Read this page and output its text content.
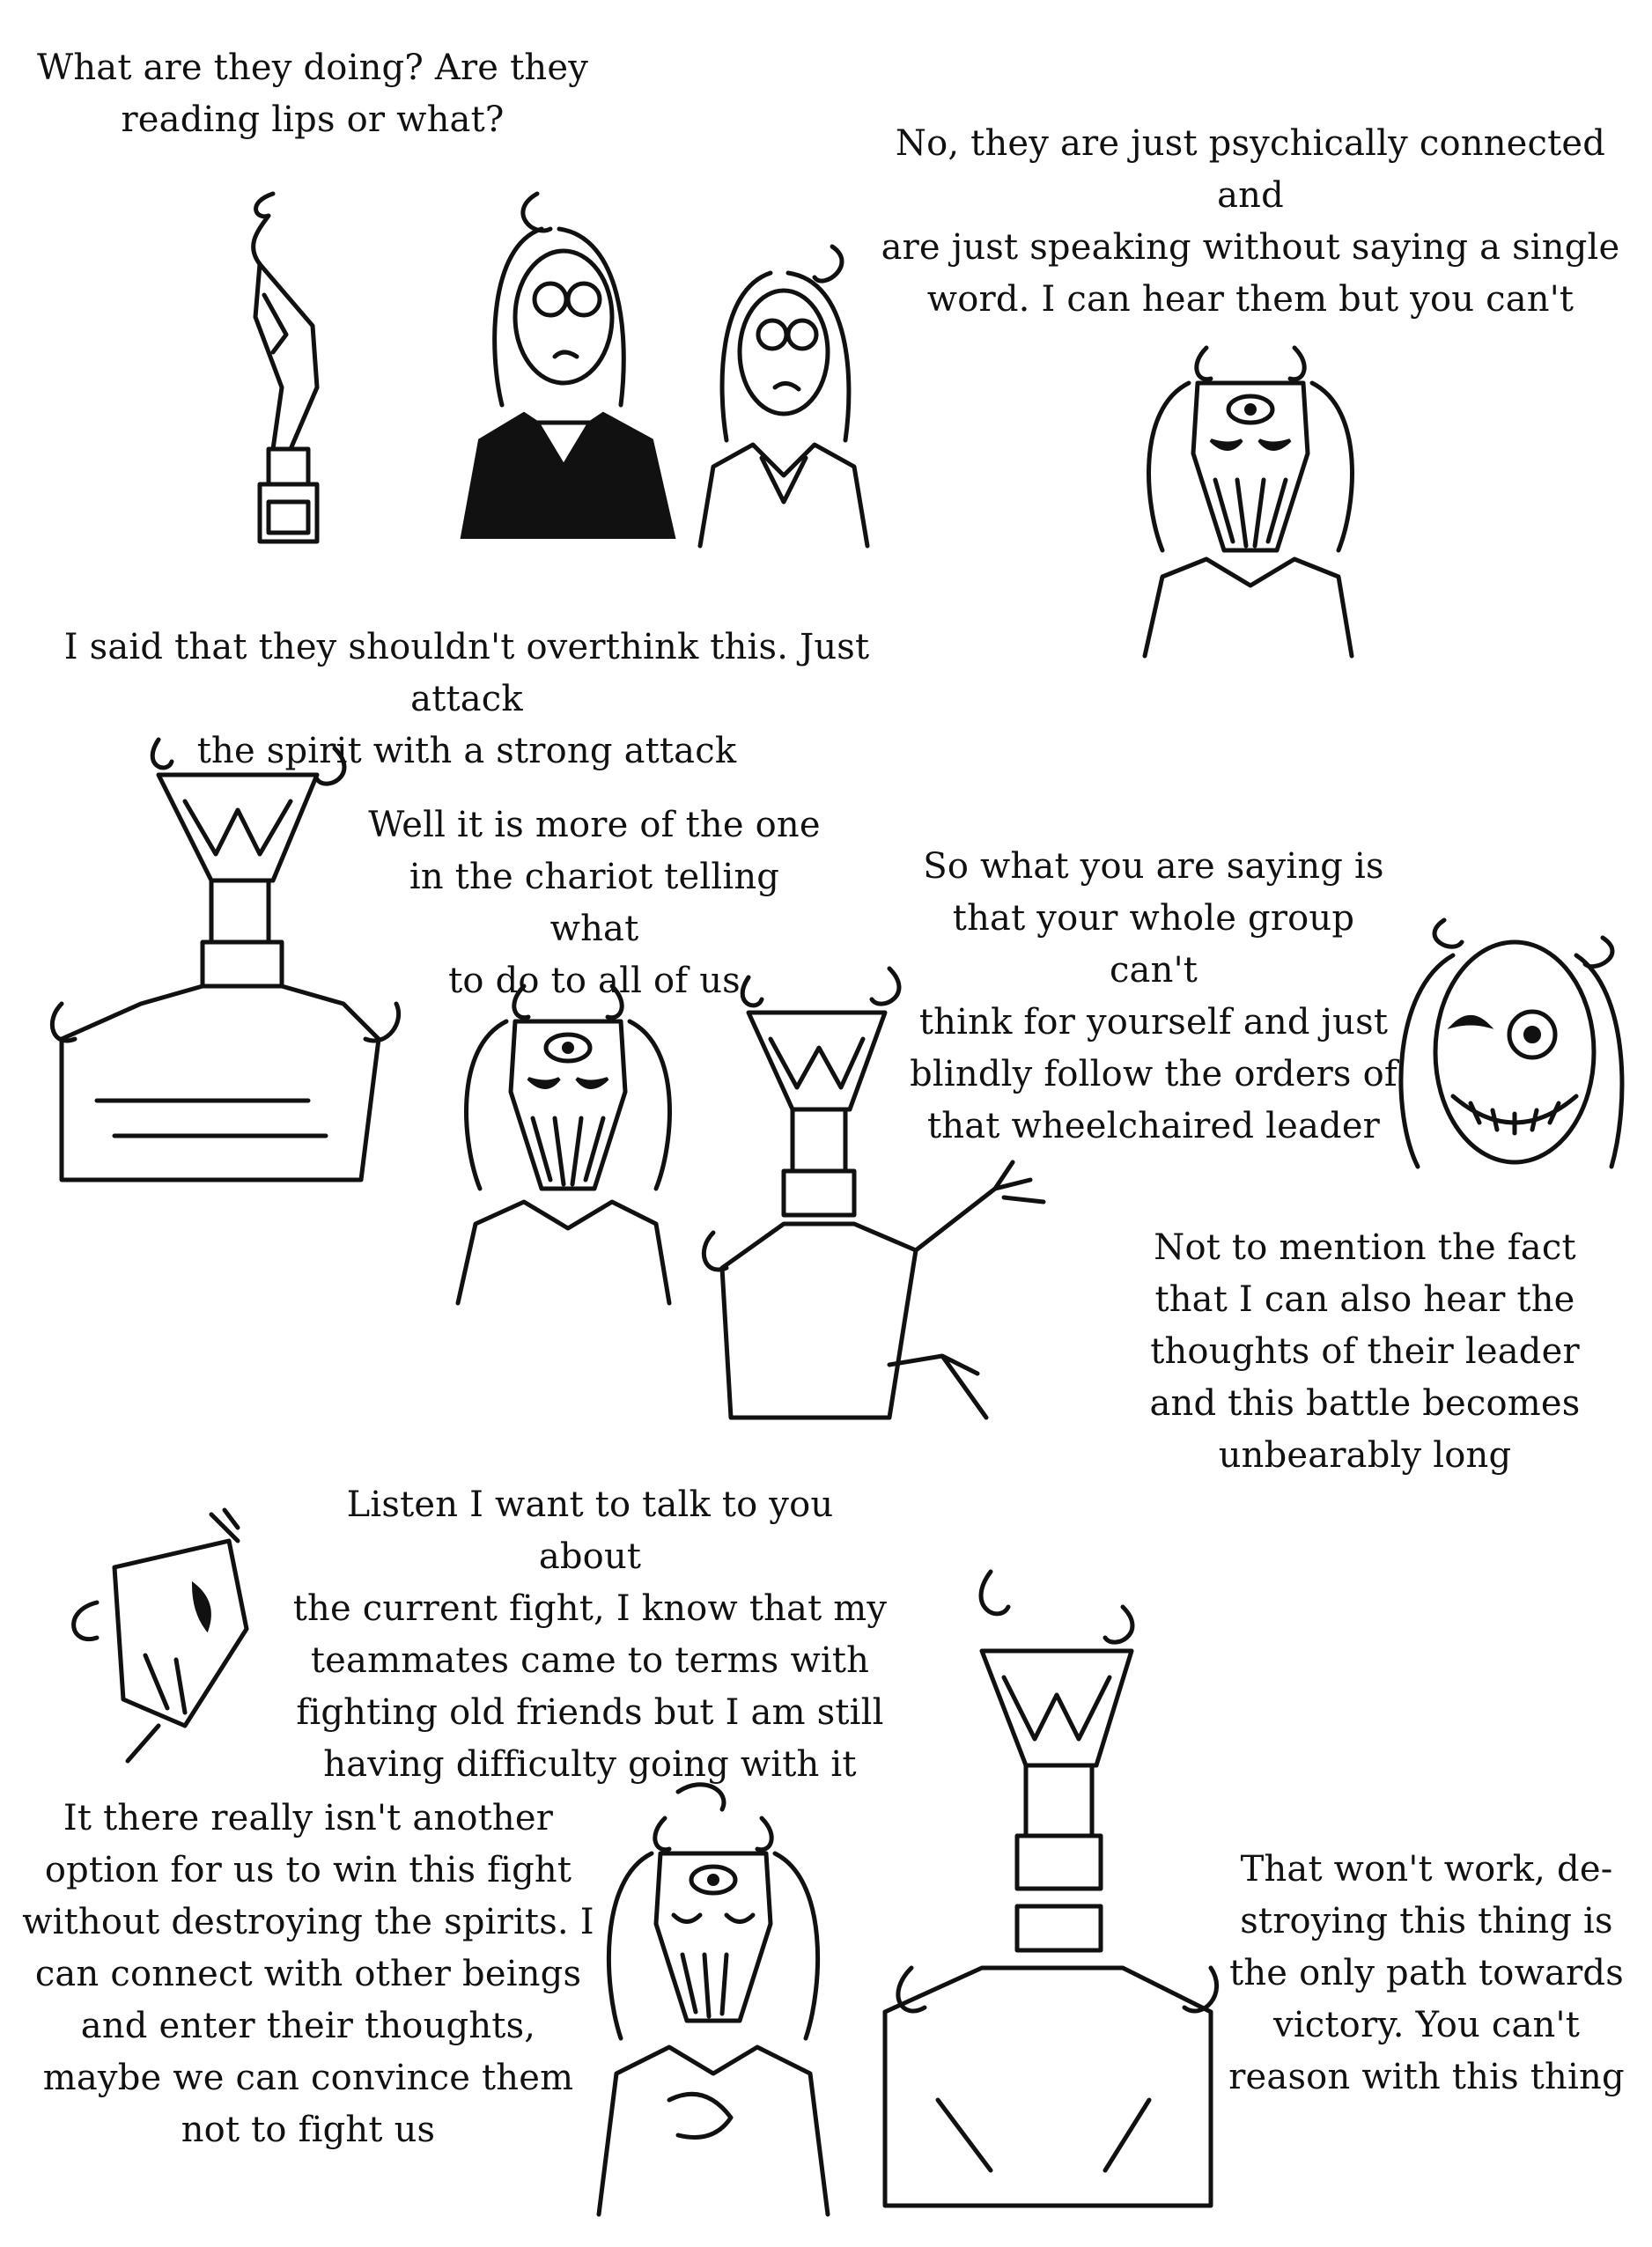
What are they doing? Are they
reading lips or what?
No, they are just psychically connected and
are just speaking without saying a single
word. I can hear them but you can't
I said that they shouldn't overthink this. Just attack
the spirit with a strong attack
Well it is more of the one
in the chariot telling what
to do to all of us
So what you are saying is
that your whole group can't
think for yourself and just
blindly follow the orders of
that wheelchaired leader
Not to mention the fact
that I can also hear the
thoughts of their leader
and this battle becomes
unbearably long
Listen I want to talk to you about
the current fight, I know that my
teammates came to terms with
fighting old friends but I am still
having difficulty going with it
It there really isn't another
option for us to win this fight
without destroying the spirits. I
can connect with other beings
and enter their thoughts,
maybe we can convince them
not to fight us
That won't work, de-
stroying this thing is
the only path towards
victory. You can't
reason with this thing
